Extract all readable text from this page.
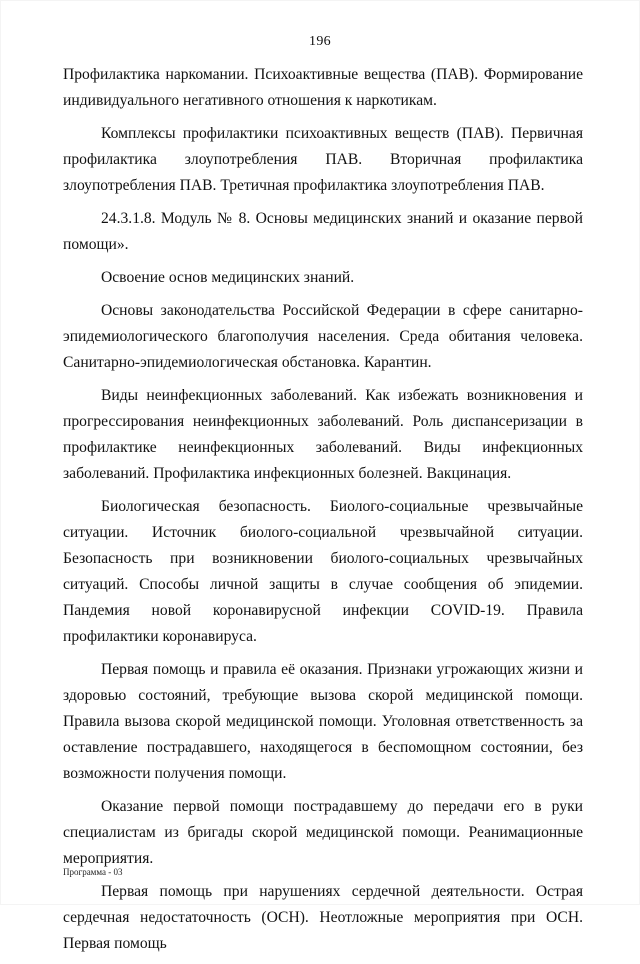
196

Профилактика наркомании. Психоактивные вещества (ПАВ). Формирование индивидуального негативного отношения к наркотикам.

Комплексы профилактики психоактивных веществ (ПАВ). Первичная профилактика злоупотребления ПАВ. Вторичная профилактика злоупотребления ПАВ. Третичная профилактика злоупотребления ПАВ.

24.3.1.8. Модуль № 8. Основы медицинских знаний и оказание первой помощи».

Освоение основ медицинских знаний.

Основы законодательства Российской Федерации в сфере санитарно-эпидемиологического благополучия населения. Среда обитания человека. Санитарно-эпидемиологическая обстановка. Карантин.

Виды неинфекционных заболеваний. Как избежать возникновения и прогрессирования неинфекционных заболеваний. Роль диспансеризации в профилактике неинфекционных заболеваний. Виды инфекционных заболеваний. Профилактика инфекционных болезней. Вакцинация.

Биологическая безопасность. Биолого-социальные чрезвычайные ситуации. Источник биолого-социальной чрезвычайной ситуации. Безопасность при возникновении биолого-социальных чрезвычайных ситуаций. Способы личной защиты в случае сообщения об эпидемии. Пандемия новой коронавирусной инфекции COVID-19. Правила профилактики коронавируса.

Первая помощь и правила её оказания. Признаки угрожающих жизни и здоровью состояний, требующие вызова скорой медицинской помощи. Правила вызова скорой медицинской помощи. Уголовная ответственность за оставление пострадавшего, находящегося в беспомощном состоянии, без возможности получения помощи.

Оказание первой помощи пострадавшему до передачи его в руки специалистам из бригады скорой медицинской помощи. Реанимационные мероприятия.

Первая помощь при нарушениях сердечной деятельности. Острая сердечная недостаточность (ОСН). Неотложные мероприятия при ОСН. Первая помощь

Программа - 03
